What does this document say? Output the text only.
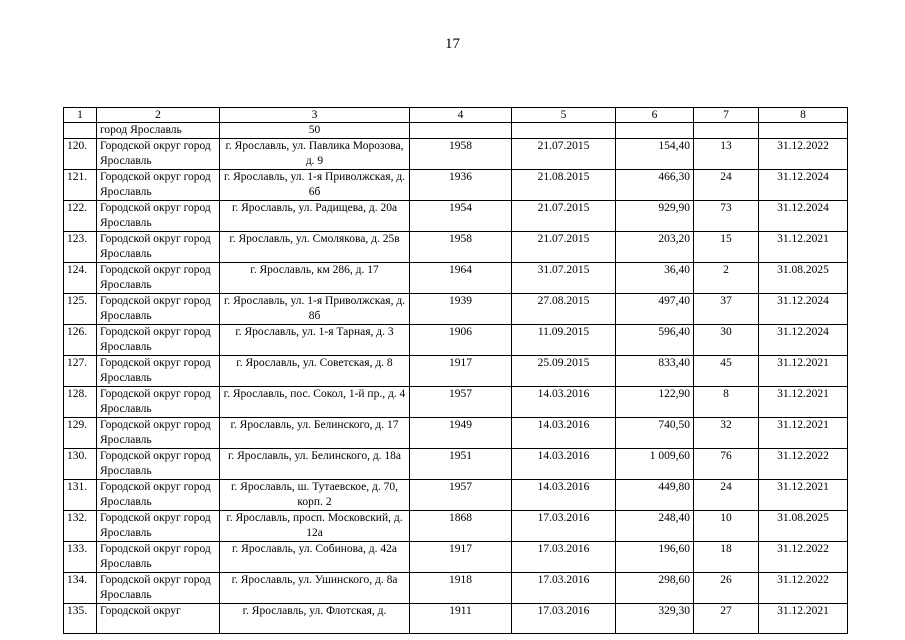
17
1	2	3	4	5	6	7	8
	город Ярославль	50					
120.	Городской округ город Ярославль	г. Ярославль, ул. Павлика Морозова, д. 9	1958	21.07.2015	154,40	13	31.12.2022
121.	Городской округ город Ярославль	г. Ярославль, ул. 1-я Приволжская, д. 6б	1936	21.08.2015	466,30	24	31.12.2024
122.	Городской округ город Ярославль	г. Ярославль, ул. Радищева, д. 20а	1954	21.07.2015	929,90	73	31.12.2024
123.	Городской округ город Ярославль	г. Ярославль, ул. Смолякова, д. 25в	1958	21.07.2015	203,20	15	31.12.2021
124.	Городской округ город Ярославль	г. Ярославль, км 286, д. 17	1964	31.07.2015	36,40	2	31.08.2025
125.	Городской округ город Ярославль	г. Ярославль, ул. 1-я Приволжская, д. 8б	1939	27.08.2015	497,40	37	31.12.2024
126.	Городской округ город Ярославль	г. Ярославль, ул. 1-я Тарная, д. 3	1906	11.09.2015	596,40	30	31.12.2024
127.	Городской округ город Ярославль	г. Ярославль, ул. Советская, д. 8	1917	25.09.2015	833,40	45	31.12.2021
128.	Городской округ город Ярославль	г. Ярославль, пос. Сокол, 1-й пр., д. 4	1957	14.03.2016	122,90	8	31.12.2021
129.	Городской округ город Ярославль	г. Ярославль, ул. Белинского, д. 17	1949	14.03.2016	740,50	32	31.12.2021
130.	Городской округ город Ярославль	г. Ярославль, ул. Белинского, д. 18а	1951	14.03.2016	1 009,60	76	31.12.2022
131.	Городской округ город Ярославль	г. Ярославль, ш. Тутаевское, д. 70, корп. 2	1957	14.03.2016	449,80	24	31.12.2021
132.	Городской округ город Ярославль	г. Ярославль, просп. Московский, д. 12а	1868	17.03.2016	248,40	10	31.08.2025
133.	Городской округ город Ярославль	г. Ярославль, ул. Собинова, д. 42а	1917	17.03.2016	196,60	18	31.12.2022
134.	Городской округ город Ярославль	г. Ярославль, ул. Ушинского, д. 8а	1918	17.03.2016	298,60	26	31.12.2022
135.	Городской округ	г. Ярославль, ул. Флотская, д.	1911	17.03.2016	329,30	27	31.12.2021
